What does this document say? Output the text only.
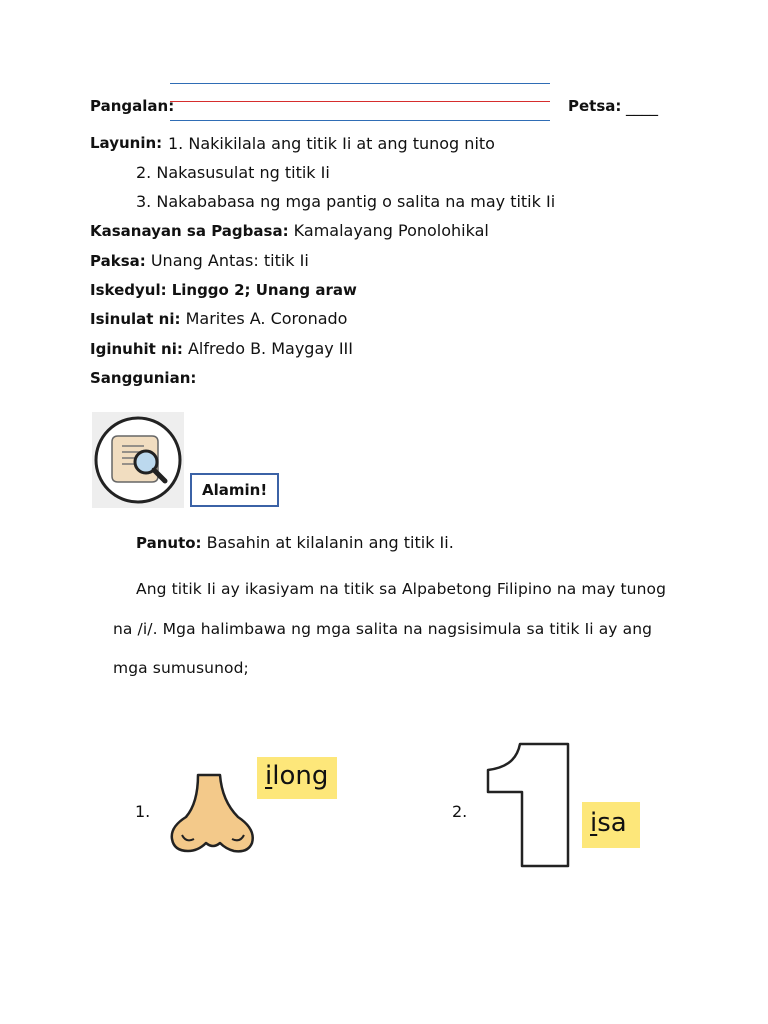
Pangalan:	Petsa: ____
Layunin: 1. Nakikilala ang titik Ii at ang tunog nito
2. Nakasusulat ng titik Ii
3. Nakababasa ng mga pantig o salita na may titik Ii
Kasanayan sa Pagbasa: Kamalayang Ponolohikal
Paksa: Unang Antas: titik Ii
Iskedyul: Linggo 2; Unang araw
Isinulat ni: Marites A. Coronado
Iginuhit ni: Alfredo B. Maygay III
Sanggunian:
Alamin!
Panuto: Basahin at kilalanin ang titik Ii.
Ang titik Ii ay ikasiyam na titik sa Alpabetong Filipino na may tunog
na /i/. Mga halimbawa ng mga salita na nagsisimula sa titik Ii ay ang
mga sumusunod;
1.
ilong
2.	isa
